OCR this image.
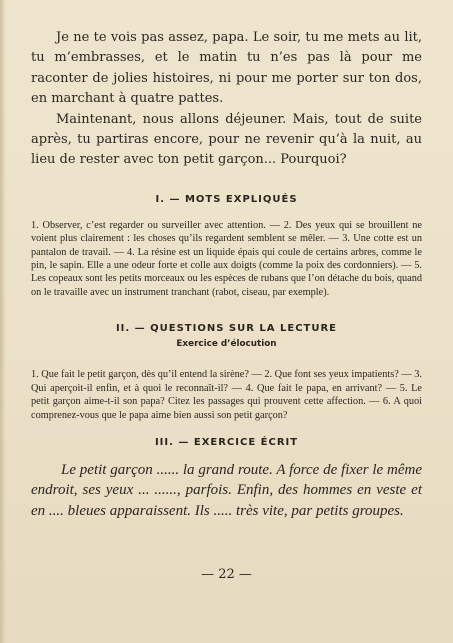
Je ne te vois pas assez, papa. Le soir, tu me mets au lit, tu m’embrasses, et le matin tu n’es pas là pour me raconter de jolies histoires, ni pour me porter sur ton dos, en marchant à quatre pattes.

Maintenant, nous allons déjeuner. Mais, tout de suite après, tu partiras encore, pour ne revenir qu’à la nuit, au lieu de rester avec ton petit garçon... Pourquoi?

I. — MOTS EXPLIQUÉS

1. Observer, c’est regarder ou surveiller avec attention. — 2. Des yeux qui se brouillent ne voient plus clairement : les choses qu’ils regardent semblent se mêler. — 3. Une cotte est un pantalon de travail. — 4. La résine est un liquide épais qui coule de certains arbres, comme le pin, le sapin. Elle a une odeur forte et colle aux doigts (comme la poix des cordonniers). — 5. Les copeaux sont les petits morceaux ou les espèces de rubans que l’on détache du bois, quand on le travaille avec un instrument tranchant (rabot, ciseau, par exemple).

II. — QUESTIONS SUR LA LECTURE

Exercice d’élocution

1. Que fait le petit garçon, dès qu’il entend la sirène? — 2. Que font ses yeux impatients? — 3. Qui aperçoit-il enfin, et à quoi le reconnaît-il? — 4. Que fait le papa, en arrivant? — 5. Le petit garçon aime-t-il son papa? Citez les passages qui prouvent cette affection. — 6. A quoi comprenez-vous que le papa aime bien aussi son petit garçon?

III. — EXERCICE ÉCRIT

Le petit garçon ...... la grand route. A force de fixer le même endroit, ses yeux ... ......, parfois. Enfin, des hommes en veste et en .... bleues apparaissent. Ils ..... très vite, par petits groupes.

— 22 —
